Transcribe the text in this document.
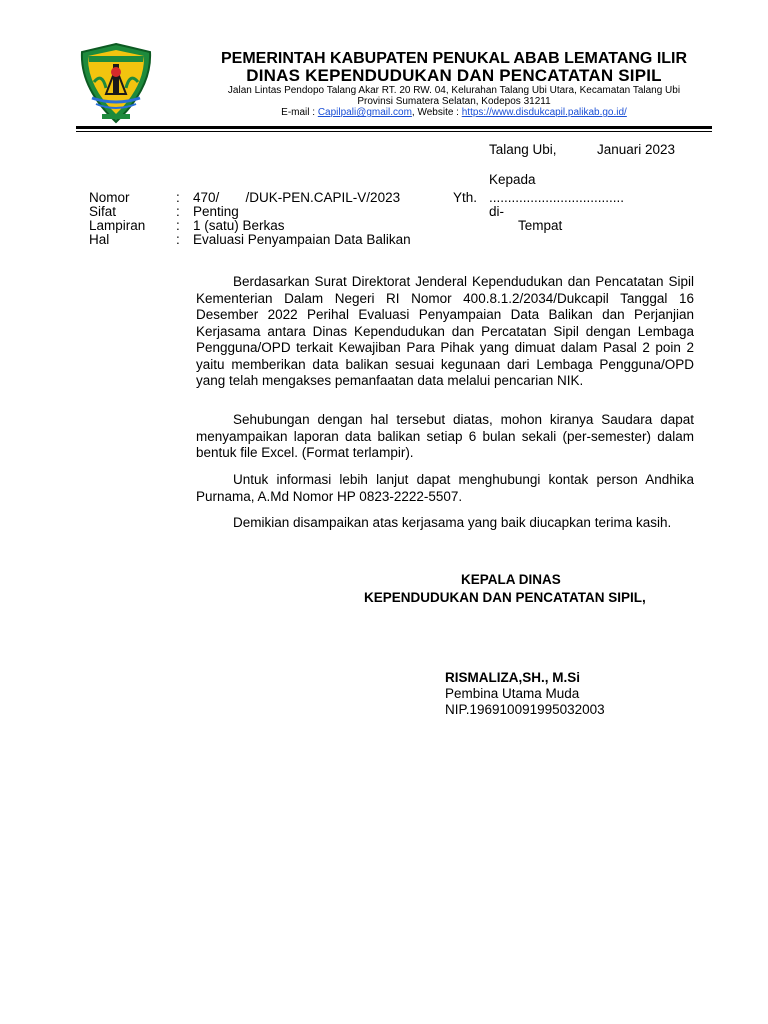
PEMERINTAH KABUPATEN PENUKAL ABAB LEMATANG ILIR
DINAS KEPENDUDUKAN DAN PENCATATAN SIPIL
Jalan Lintas Pendopo Talang Akar RT. 20 RW. 04, Kelurahan Talang Ubi Utara, Kecamatan Talang Ubi
Provinsi Sumatera Selatan, Kodepos 31211
E-mail : Capilpali@gmail.com, Website : https://www.disdukcapil.palikab.go.id/
Talang Ubi,	Januari 2023
Kepada
Yth. ....................................
di-
Tempat
Nomor	: 470/       /DUK-PEN.CAPIL-V/2023
Sifat	: Penting
Lampiran : 1 (satu) Berkas
Hal	: Evaluasi Penyampaian Data Balikan

Berdasarkan Surat Direktorat Jenderal Kependudukan dan Pencatatan Sipil Kementerian Dalam Negeri RI Nomor 400.8.1.2/2034/Dukcapil Tanggal 16 Desember 2022 Perihal Evaluasi Penyampaian Data Balikan dan Perjanjian Kerjasama antara Dinas Kependudukan dan Percatatan Sipil dengan Lembaga Pengguna/OPD terkait Kewajiban Para Pihak yang dimuat dalam Pasal 2 poin 2 yaitu memberikan data balikan sesuai kegunaan dari Lembaga Pengguna/OPD yang telah mengakses pemanfaatan data melalui pencarian NIK.

Sehubungan dengan hal tersebut diatas, mohon kiranya Saudara dapat menyampaikan laporan data balikan setiap 6 bulan sekali (per-semester) dalam bentuk file Excel. (Format terlampir).

Untuk informasi lebih lanjut dapat menghubungi kontak person Andhika Purnama, A.Md Nomor HP 0823-2222-5507.

Demikian disampaikan atas kerjasama yang baik diucapkan terima kasih.

KEPALA DINAS
KEPENDUDUKAN DAN PENCATATAN SIPIL,
RISMALIZA,SH., M.Si
Pembina Utama Muda
NIP.196910091995032003
